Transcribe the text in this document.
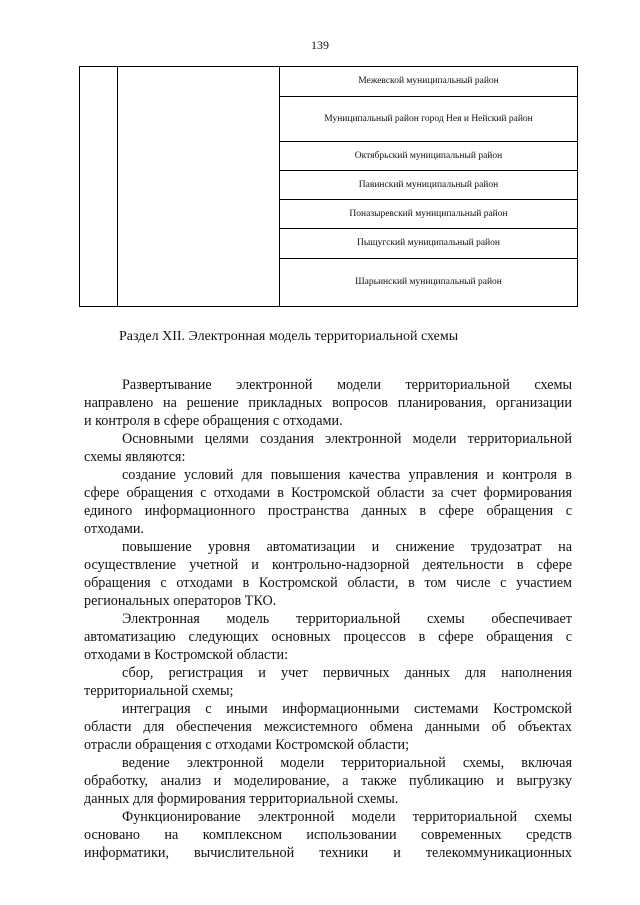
139
Межевской муниципальный район
Муниципальный район город Нея и Нейский район
Октябрьский муниципальный район
Павинский муниципальный район
Поназыревский муниципальный район
Пыщугский муниципальный район
Шарьинский муниципальный район
Раздел XII. Электронная модель территориальной схемы
Развертывание электронной модели территориальной схемы
направлено на решение прикладных вопросов планирования, организации
и контроля в сфере обращения с отходами.
Основными целями создания электронной модели территориальной
схемы являются:
создание условий для повышения качества управления и контроля в
сфере обращения с отходами в Костромской области за счет формирования
единого информационного пространства данных в сфере обращения с
отходами.
повышение уровня автоматизации и снижение трудозатрат на
осуществление учетной и контрольно-надзорной деятельности в сфере
обращения с отходами в Костромской области, в том числе с участием
региональных операторов ТКО.
Электронная модель территориальной схемы обеспечивает
автоматизацию следующих основных процессов в сфере обращения с
отходами в Костромской области:
сбор, регистрация и учет первичных данных для наполнения
территориальной схемы;
интеграция с иными информационными системами Костромской
области для обеспечения межсистемного обмена данными об объектах
отрасли обращения с отходами Костромской области;
ведение электронной модели территориальной схемы, включая
обработку, анализ и моделирование, а также публикацию и выгрузку
данных для формирования территориальной схемы.
Функционирование электронной модели территориальной схемы
основано на комплексном использовании современных средств
информатики, вычислительной техники и телекоммуникационных
